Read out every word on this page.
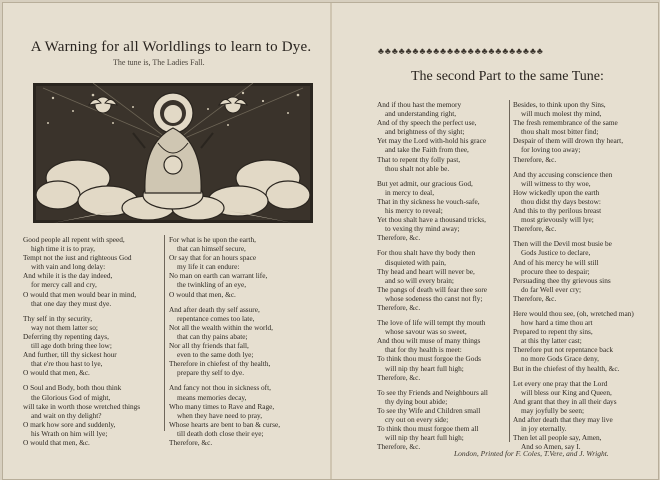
A Warning for all Worldlings to learn to Dye.
The tune is, The Ladies Fall.
Good people all repent with speed,
high time it is to pray,
Tempt not the iust and righteous God
with vain and long delay:
And while it is the day indeed,
for mercy call and cry,
O would that men would bear in mind,
that one day they must dye.
Thy self in thy security,
way not them latter so;
Deferring thy repenting days,
till age doth bring thee low;
And further, till thy sickest hour
that e're thou hast to lye,
O would that men, &c.
O Soul and Body, both thou think
the Glorious God of might,
will take in worth those wretched things
and wait on thy delight?
O mark how sore and suddenly,
his Wrath on him will lye;
O would that men, &c.
For what is he upon the earth,
that can himself secure,
Or say that for an hours space
my life it can endure:
No man on earth can warrant life,
the twinkling of an eye,
O would that men, &c.
And after death thy self assure,
repentance comes too late,
Not all the wealth within the world,
that can thy pains abate;
Nor all thy friends that fall,
even to the same doth lye;
Therefore in chiefest of thy health,
prepare thy self to dye.
And fancy not thou in sickness oft,
means memories decay,
Who many times to Rave and Rage,
when they have need to pray,
Whose hearts are bent to ban & curse,
till death doth close their eye;
Therefore, &c.
♣♣♣♣♣♣♣♣♣♣♣♣♣♣♣♣♣♣♣♣♣♣♣♣
The second Part to the same Tune:
And if thou hast the memory
and understanding right,
And of thy speech the perfect use,
and brightness of thy sight;
Yet may the Lord with-hold his grace
and take the Faith from thee,
That to repent thy folly past,
thou shalt not able be.
But yet admit, our gracious God,
in mercy to deal,
That in thy sickness he vouch-safe,
his mercy to reveal;
Yet thou shalt have a thousand tricks,
to vexing thy mind away;
Therefore, &c.
For thou shalt have thy body then
disquieted with pain,
Thy head and heart will never be,
and so will every brain;
The pangs of death will fear thee sore
whose sodeness tho canst not fly;
Therefore, &c.
The love of life will tempt thy mouth
whose savour was so sweet,
And thou wilt muse of many things
that for thy health is meet:
To think thou must forgoe the Gods
will nip thy heart full high;
Therefore, &c.
To see thy Friends and Neighbours all
thy dying bout abide;
To see thy Wife and Children small
cry out on every side;
To think thou must forgoe them all
will nip thy heart full high;
Therefore, &c.
Besides, to think upon thy Sins,
will much molest thy mind,
The fresh remembrance of the same
thou shalt most bitter find;
Despair of them will drown thy heart,
for loving too away;
Therefore, &c.
And thy accusing conscience then
will witness to thy woe,
How wickedly upon the earth
thou didst thy days bestow:
And this to thy perilous breast
most grievously will lye;
Therefore, &c.
Then will the Devil most busie be
Gods Justice to declare,
And of his mercy he will still
procure thee to despair;
Persuading thee thy grievous sins
do far Well ever cry;
Therefore, &c.
Here would thou see, (oh, wretched man)
how hard a time thou art
Prepared to repent thy sins,
at this thy latter cast;
Therefore put not repentance back
no more Gods Grace deny,
But in the chiefest of thy health, &c.
Let every one pray that the Lord
will bless our King and Queen,
And grant that they in all their days
may joyfully be seen;
And after death that they may live
in joy eternally.
Then let all people say, Amen,
And so Amen, say I.
London, Printed for F. Coles, T.Vere, and J. Wright.
